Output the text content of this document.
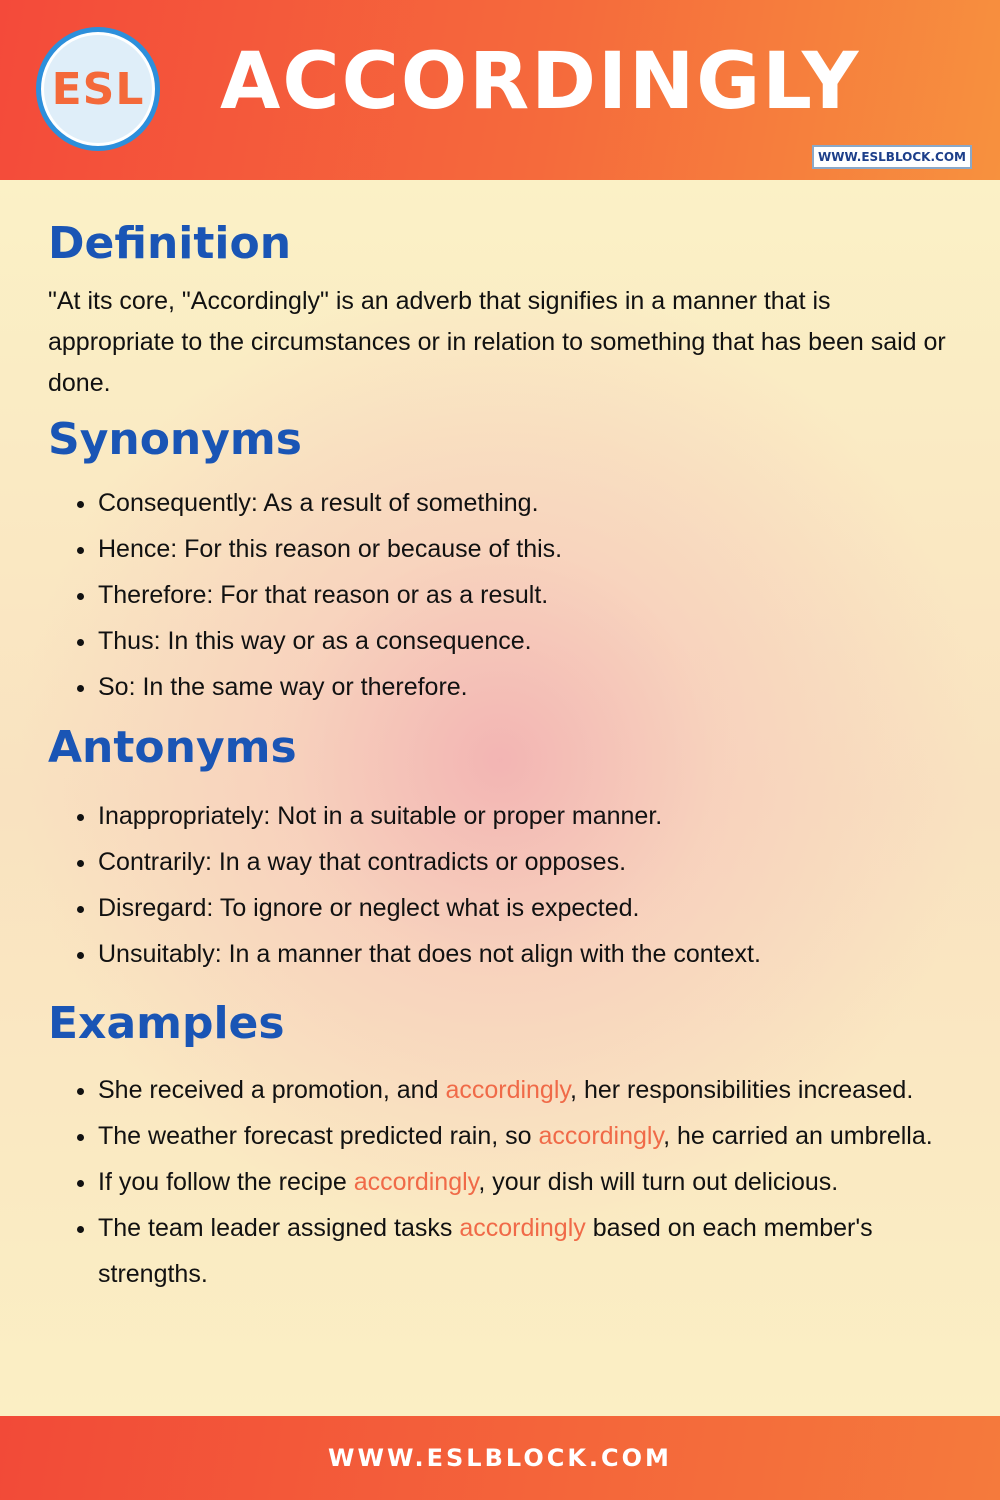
ESL ACCORDINGLY
WWW.ESLBLOCK.COM
Definition

"At its core, "Accordingly" is an adverb that signifies in a manner that is appropriate to the circumstances or in relation to something that has been said or done.

Synonyms
• Consequently: As a result of something.
• Hence: For this reason or because of this.
• Therefore: For that reason or as a result.
• Thus: In this way or as a consequence.
• So: In the same way or therefore.
Antonyms
• Inappropriately: Not in a suitable or proper manner.
• Contrarily: In a way that contradicts or opposes.
• Disregard: To ignore or neglect what is expected.
• Unsuitably: In a manner that does not align with the context.
Examples
• She received a promotion, and accordingly, her responsibilities increased.
• The weather forecast predicted rain, so accordingly, he carried an umbrella.
• If you follow the recipe accordingly, your dish will turn out delicious.
• The team leader assigned tasks accordingly based on each member's strengths.
WWW.ESLBLOCK.COM
